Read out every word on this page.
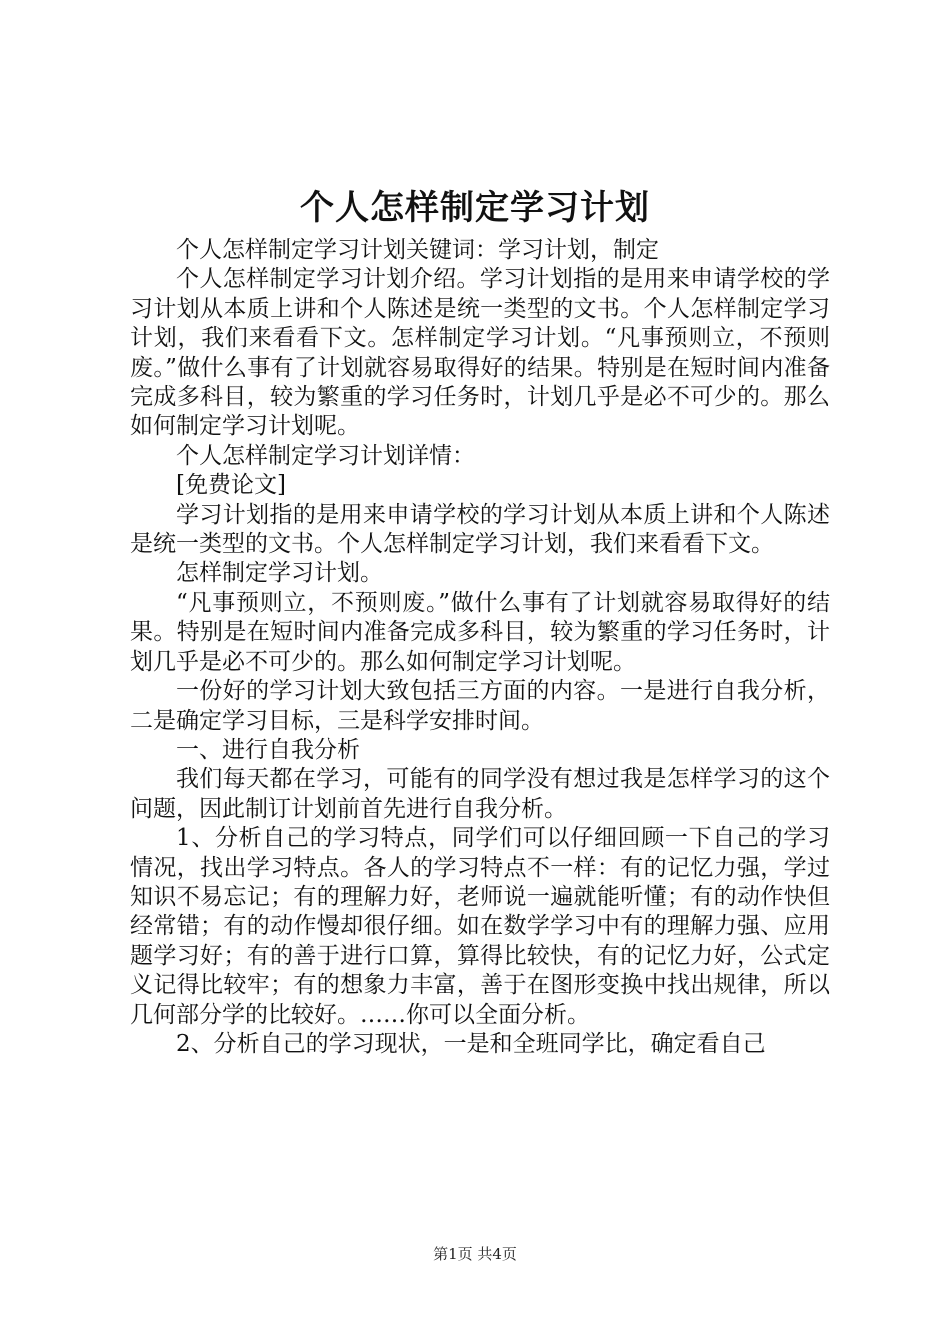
个人怎样制定学习计划

个人怎样制定学习计划关键词：学习计划，制定

个人怎样制定学习计划介绍。学习计划指的是用来申请学校的学习计划从本质上讲和个人陈述是统一类型的文书。个人怎样制定学习计划，我们来看看下文。怎样制定学习计划。“凡事预则立，不预则废。”做什么事有了计划就容易取得好的结果。特别是在短时间内准备完成多科目，较为繁重的学习任务时，计划几乎是必不可少的。那么如何制定学习计划呢。

个人怎样制定学习计划详情：

[免费论文]

学习计划指的是用来申请学校的学习计划从本质上讲和个人陈述是统一类型的文书。个人怎样制定学习计划，我们来看看下文。

怎样制定学习计划。

“凡事预则立，不预则废。”做什么事有了计划就容易取得好的结果。特别是在短时间内准备完成多科目，较为繁重的学习任务时，计划几乎是必不可少的。那么如何制定学习计划呢。

一份好的学习计划大致包括三方面的内容。一是进行自我分析，二是确定学习目标，三是科学安排时间。

一、进行自我分析

我们每天都在学习，可能有的同学没有想过我是怎样学习的这个问题，因此制订计划前首先进行自我分析。

1、分析自己的学习特点，同学们可以仔细回顾一下自己的学习情况，找出学习特点。各人的学习特点不一样：有的记忆力强，学过知识不易忘记；有的理解力好，老师说一遍就能听懂；有的动作快但经常错；有的动作慢却很仔细。如在数学学习中有的理解力强、应用题学习好；有的善于进行口算，算得比较快，有的记忆力好，公式定义记得比较牢；有的想象力丰富，善于在图形变换中找出规律，所以几何部分学的比较好。……你可以全面分析。

2、分析自己的学习现状，一是和全班同学比，确定看自己

第1页 共4页
